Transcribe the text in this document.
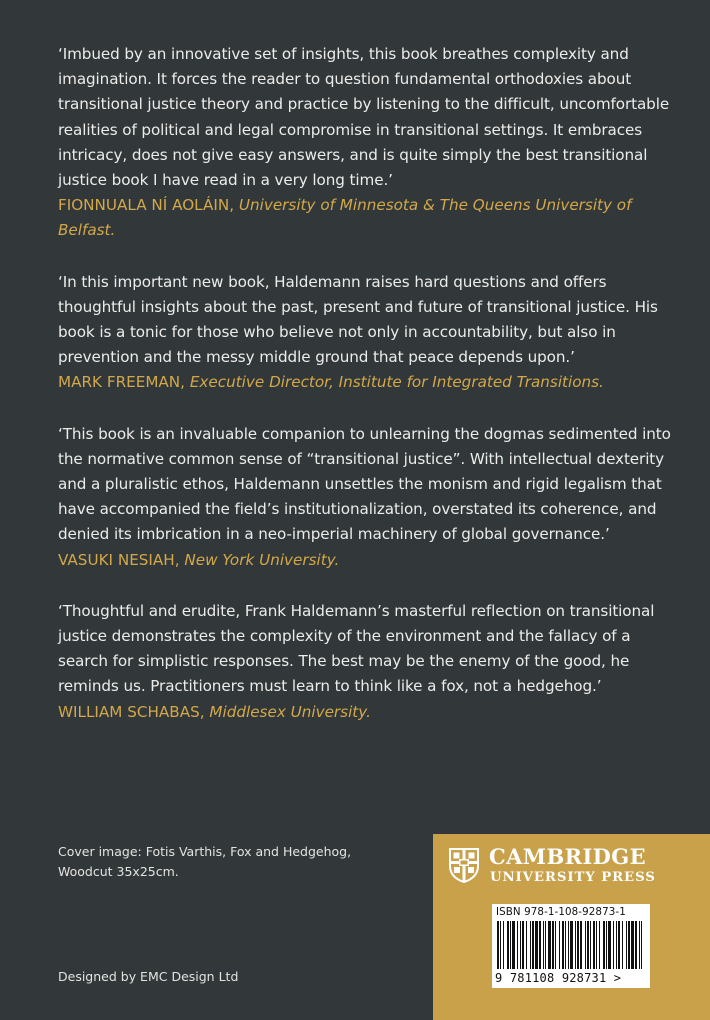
‘Imbued by an innovative set of insights, this book breathes complexity and imagination. It forces the reader to question fundamental orthodoxies about transitional justice theory and practice by listening to the difficult, uncomfortable realities of political and legal compromise in transitional settings. It embraces intricacy, does not give easy answers, and is quite simply the best transitional justice book I have read in a very long time.’

FIONNUALA NÍ AOLÁIN, University of Minnesota & The Queens University of Belfast.

‘In this important new book, Haldemann raises hard questions and offers thoughtful insights about the past, present and future of transitional justice. His book is a tonic for those who believe not only in accountability, but also in prevention and the messy middle ground that peace depends upon.’

MARK FREEMAN, Executive Director, Institute for Integrated Transitions.

‘This book is an invaluable companion to unlearning the dogmas sedimented into the normative common sense of “transitional justice”. With intellectual dexterity and a pluralistic ethos, Haldemann unsettles the monism and rigid legalism that have accompanied the field’s institutionalization, overstated its coherence, and denied its imbrication in a neo-imperial machinery of global governance.’

VASUKI NESIAH, New York University.

‘Thoughtful and erudite, Frank Haldemann’s masterful reflection on transitional justice demonstrates the complexity of the environment and the fallacy of a search for simplistic responses. The best may be the enemy of the good, he reminds us. Practitioners must learn to think like a fox, not a hedgehog.’

WILLIAM SCHABAS, Middlesex University.

Cover image: Fotis Varthis, Fox and Hedgehog,
Woodcut 35x25cm.
Designed by EMC Design Ltd
CAMBRIDGE
UNIVERSITY PRESS
ISBN 978-1-108-92873-1
9 781108 928731 >
